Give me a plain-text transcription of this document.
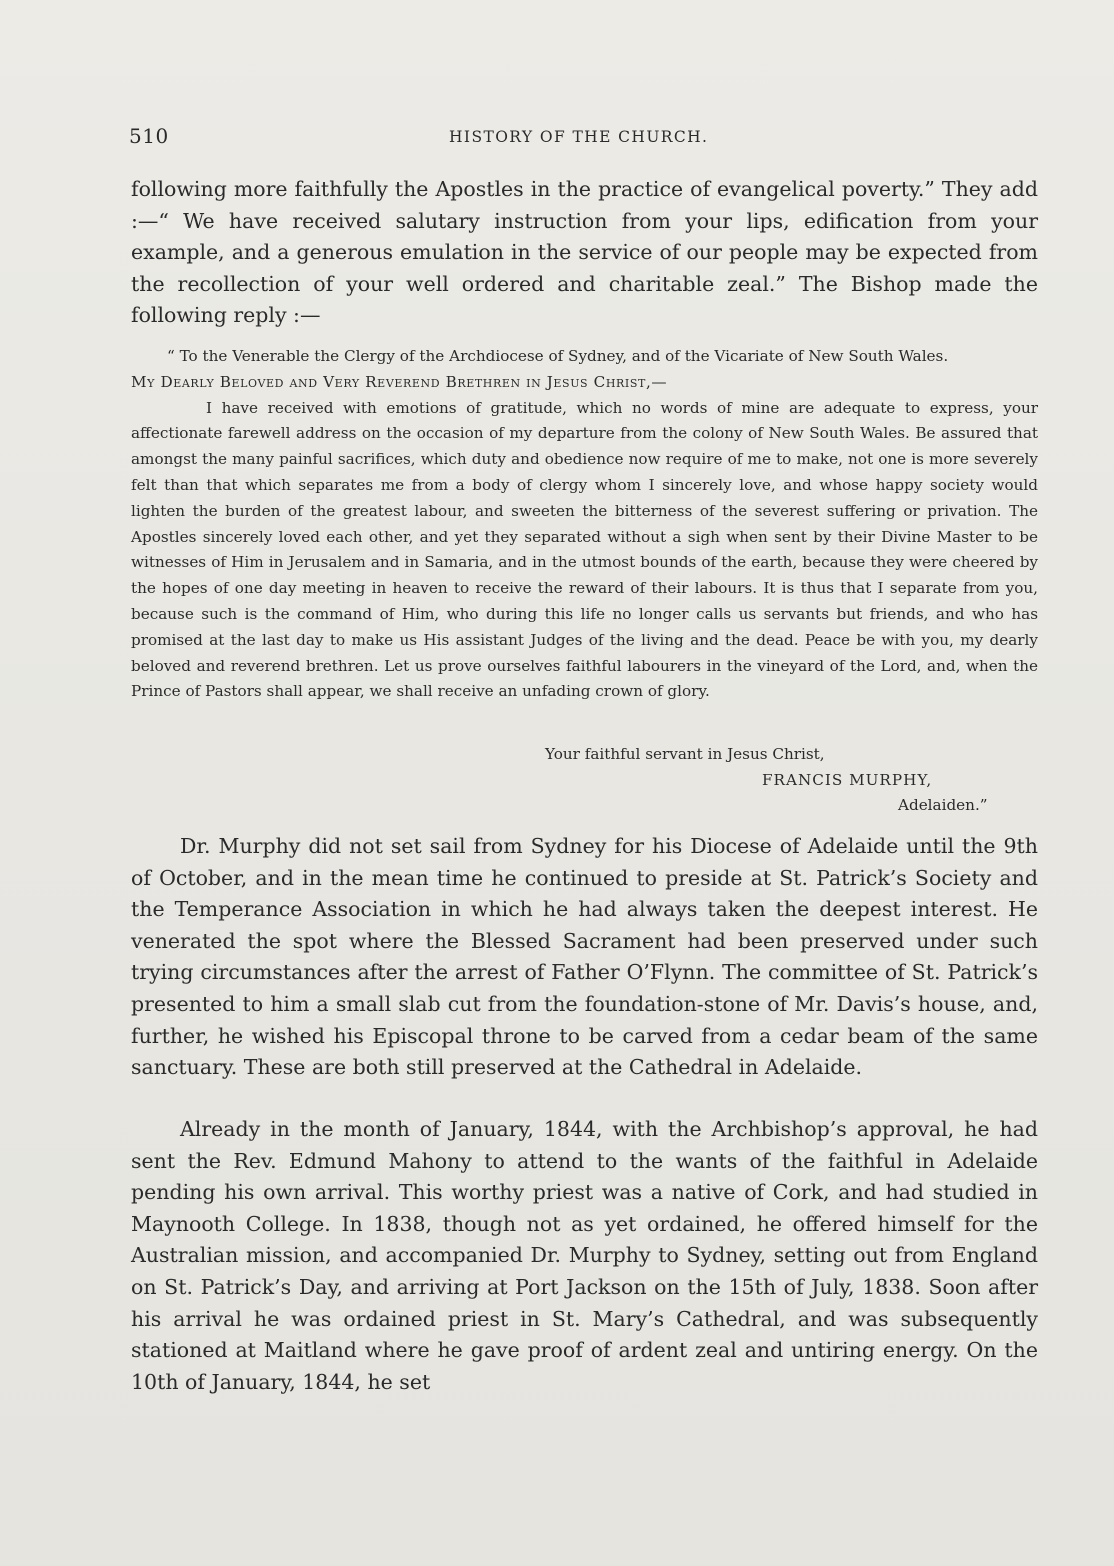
510	HISTORY OF THE CHURCH.

following more faithfully the Apostles in the practice of evangelical poverty.” They add :—“ We have received salutary instruction from your lips, edification from your example, and a generous emulation in the service of our people may be expected from the recollection of your well ordered and charitable zeal.” The Bishop made the following reply :—

“ To the Venerable the Clergy of the Archdiocese of Sydney, and of the Vicariate of New South Wales.

My Dearly Beloved and Very Reverend Brethren in Jesus Christ,—

I have received with emotions of gratitude, which no words of mine are adequate to express, your affectionate farewell address on the occasion of my departure from the colony of New South Wales. Be assured that amongst the many painful sacrifices, which duty and obedience now require of me to make, not one is more severely felt than that which separates me from a body of clergy whom I sincerely love, and whose happy society would lighten the burden of the greatest labour, and sweeten the bitterness of the severest suffering or privation. The Apostles sincerely loved each other, and yet they separated without a sigh when sent by their Divine Master to be witnesses of Him in Jerusalem and in Samaria, and in the utmost bounds of the earth, because they were cheered by the hopes of one day meeting in heaven to receive the reward of their labours. It is thus that I separate from you, because such is the command of Him, who during this life no longer calls us servants but friends, and who has promised at the last day to make us His assistant Judges of the living and the dead. Peace be with you, my dearly beloved and reverend brethren. Let us prove ourselves faithful labourers in the vineyard of the Lord, and, when the Prince of Pastors shall appear, we shall receive an unfading crown of glory.

Your faithful servant in Jesus Christ,
FRANCIS MURPHY,
Adelaiden.”

Dr. Murphy did not set sail from Sydney for his Diocese of Adelaide until the 9th of October, and in the mean time he continued to preside at St. Patrick’s Society and the Temperance Association in which he had always taken the deepest interest. He venerated the spot where the Blessed Sacrament had been preserved under such trying circumstances after the arrest of Father O’Flynn. The committee of St. Patrick’s presented to him a small slab cut from the foundation-stone of Mr. Davis’s house, and, further, he wished his Episcopal throne to be carved from a cedar beam of the same sanctuary. These are both still preserved at the Cathedral in Adelaide.

Already in the month of January, 1844, with the Archbishop’s approval, he had sent the Rev. Edmund Mahony to attend to the wants of the faithful in Adelaide pending his own arrival. This worthy priest was a native of Cork, and had studied in Maynooth College. In 1838, though not as yet ordained, he offered himself for the Australian mission, and accompanied Dr. Murphy to Sydney, setting out from England on St. Patrick’s Day, and arriving at Port Jackson on the 15th of July, 1838. Soon after his arrival he was ordained priest in St. Mary’s Cathedral, and was subsequently stationed at Maitland where he gave proof of ardent zeal and untiring energy. On the 10th of January, 1844, he set
